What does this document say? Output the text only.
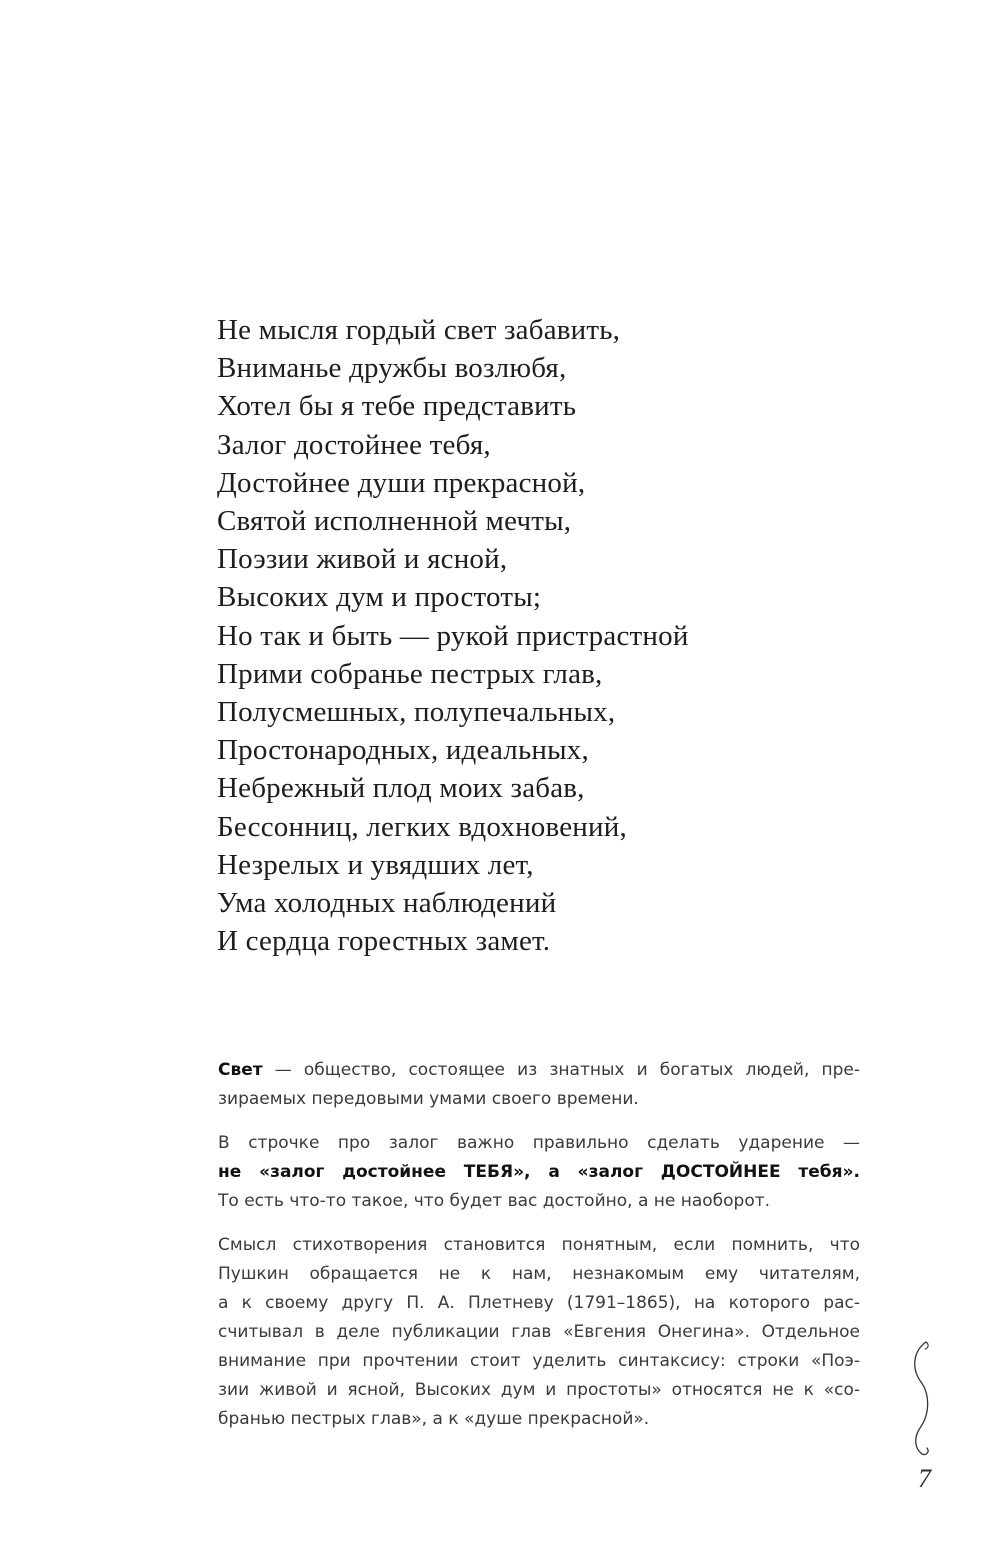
Не мысля гордый свет забавить,
Вниманье дружбы возлюбя,
Хотел бы я тебе представить
Залог достойнее тебя,
Достойнее души прекрасной,
Святой исполненной мечты,
Поэзии живой и ясной,
Высоких дум и простоты;
Но так и быть — рукой пристрастной
Прими собранье пестрых глав,
Полусмешных, полупечальных,
Простонародных, идеальных,
Небрежный плод моих забав,
Бессонниц, легких вдохновений,
Незрелых и увядших лет,
Ума холодных наблюдений
И сердца горестных замет.

Свет — общество, состоящее из знатных и богатых людей, пре-
зираемых передовыми умами своего времени.

В строчке про залог важно правильно сделать ударение —
не «залог достойнее ТЕБЯ», а «залог ДОСТОЙНЕЕ тебя».
То есть что-то такое, что будет вас достойно, а не наоборот.

Смысл стихотворения становится понятным, если помнить, что
Пушкин обращается не к нам, незнакомым ему читателям,
а к своему другу П. А. Плетневу (1791–1865), на которого рас-
считывал в деле публикации глав «Евгения Онегина». Отдельное
внимание при прочтении стоит уделить синтаксису: строки «Поэ-
зии живой и ясной, Высоких дум и простоты» относятся не к «со-
бранью пестрых глав», а к «душе прекрасной».

7
